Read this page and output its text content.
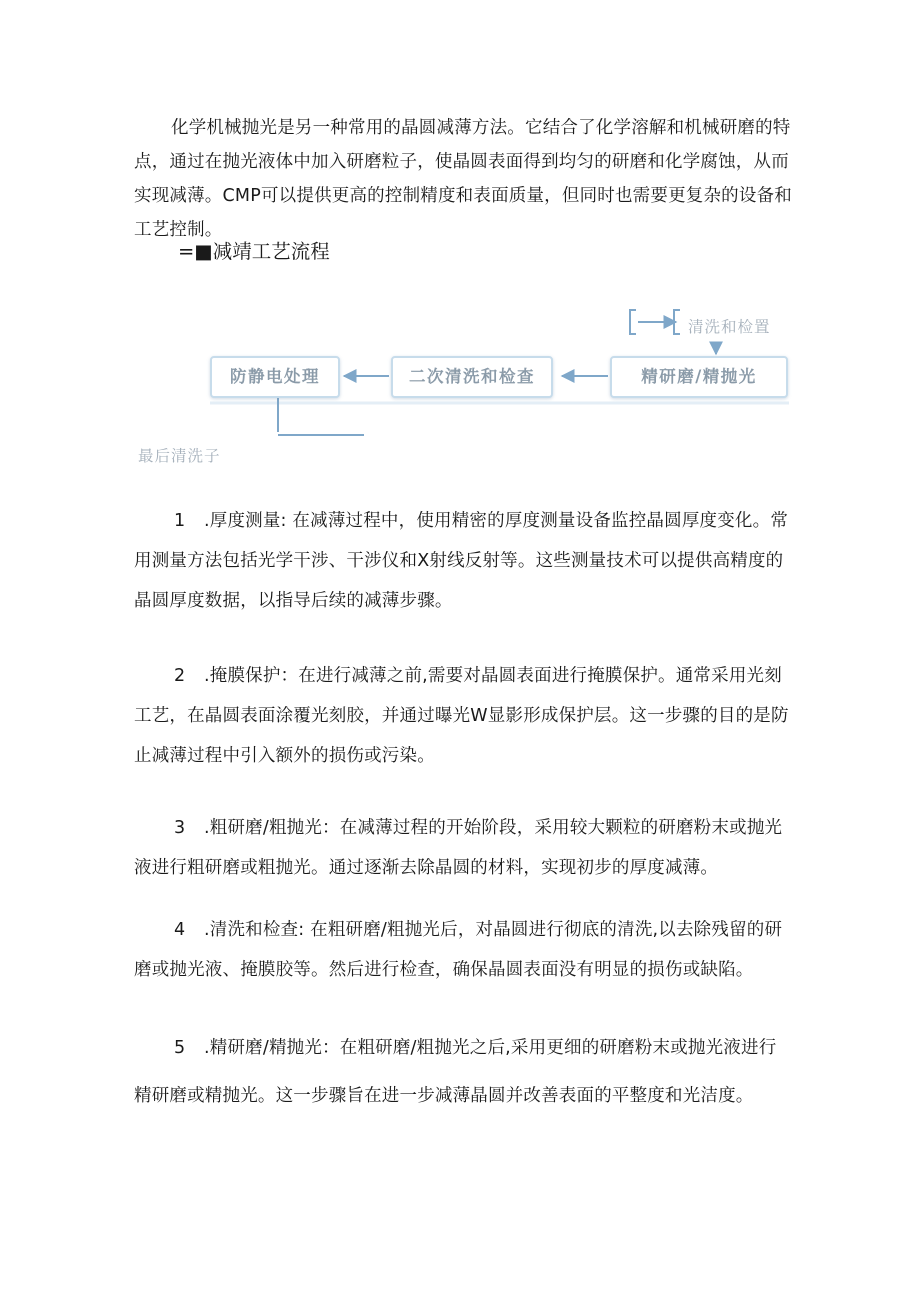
化学机械抛光是另一种常用的晶圆减薄方法。它结合了化学溶解和机械研磨的特点，通过在抛光液体中加入研磨粒子，使晶圆表面得到均匀的研磨和化学腐蚀，从而实现减薄。CMP可以提供更高的控制精度和表面质量，但同时也需要更复杂的设备和工艺控制。

=■减靖工艺流程
清洗和检置
精研磨/精抛光
二次清洗和检查
防静电处理
最后清洗子

1 .厚度测量: 在减薄过程中，使用精密的厚度测量设备监控晶圆厚度变化。常用测量方法包括光学干涉、干涉仪和X射线反射等。这些测量技术可以提供高精度的晶圆厚度数据，以指导后续的减薄步骤。

2 .掩膜保护：在进行减薄之前,需要对晶圆表面进行掩膜保护。通常采用光刻工艺，在晶圆表面涂覆光刻胶，并通过曝光W显影形成保护层。这一步骤的目的是防止减薄过程中引入额外的损伤或污染。

3 .粗研磨/粗抛光：在减薄过程的开始阶段，采用较大颗粒的研磨粉末或抛光液进行粗研磨或粗抛光。通过逐渐去除晶圆的材料，实现初步的厚度减薄。

4 .清洗和检查: 在粗研磨/粗抛光后，对晶圆进行彻底的清洗,以去除残留的研磨或抛光液、掩膜胶等。然后进行检查，确保晶圆表面没有明显的损伤或缺陷。

5 .精研磨/精抛光：在粗研磨/粗抛光之后,采用更细的研磨粉末或抛光液进行精研磨或精抛光。这一步骤旨在进一步减薄晶圆并改善表面的平整度和光洁度。
